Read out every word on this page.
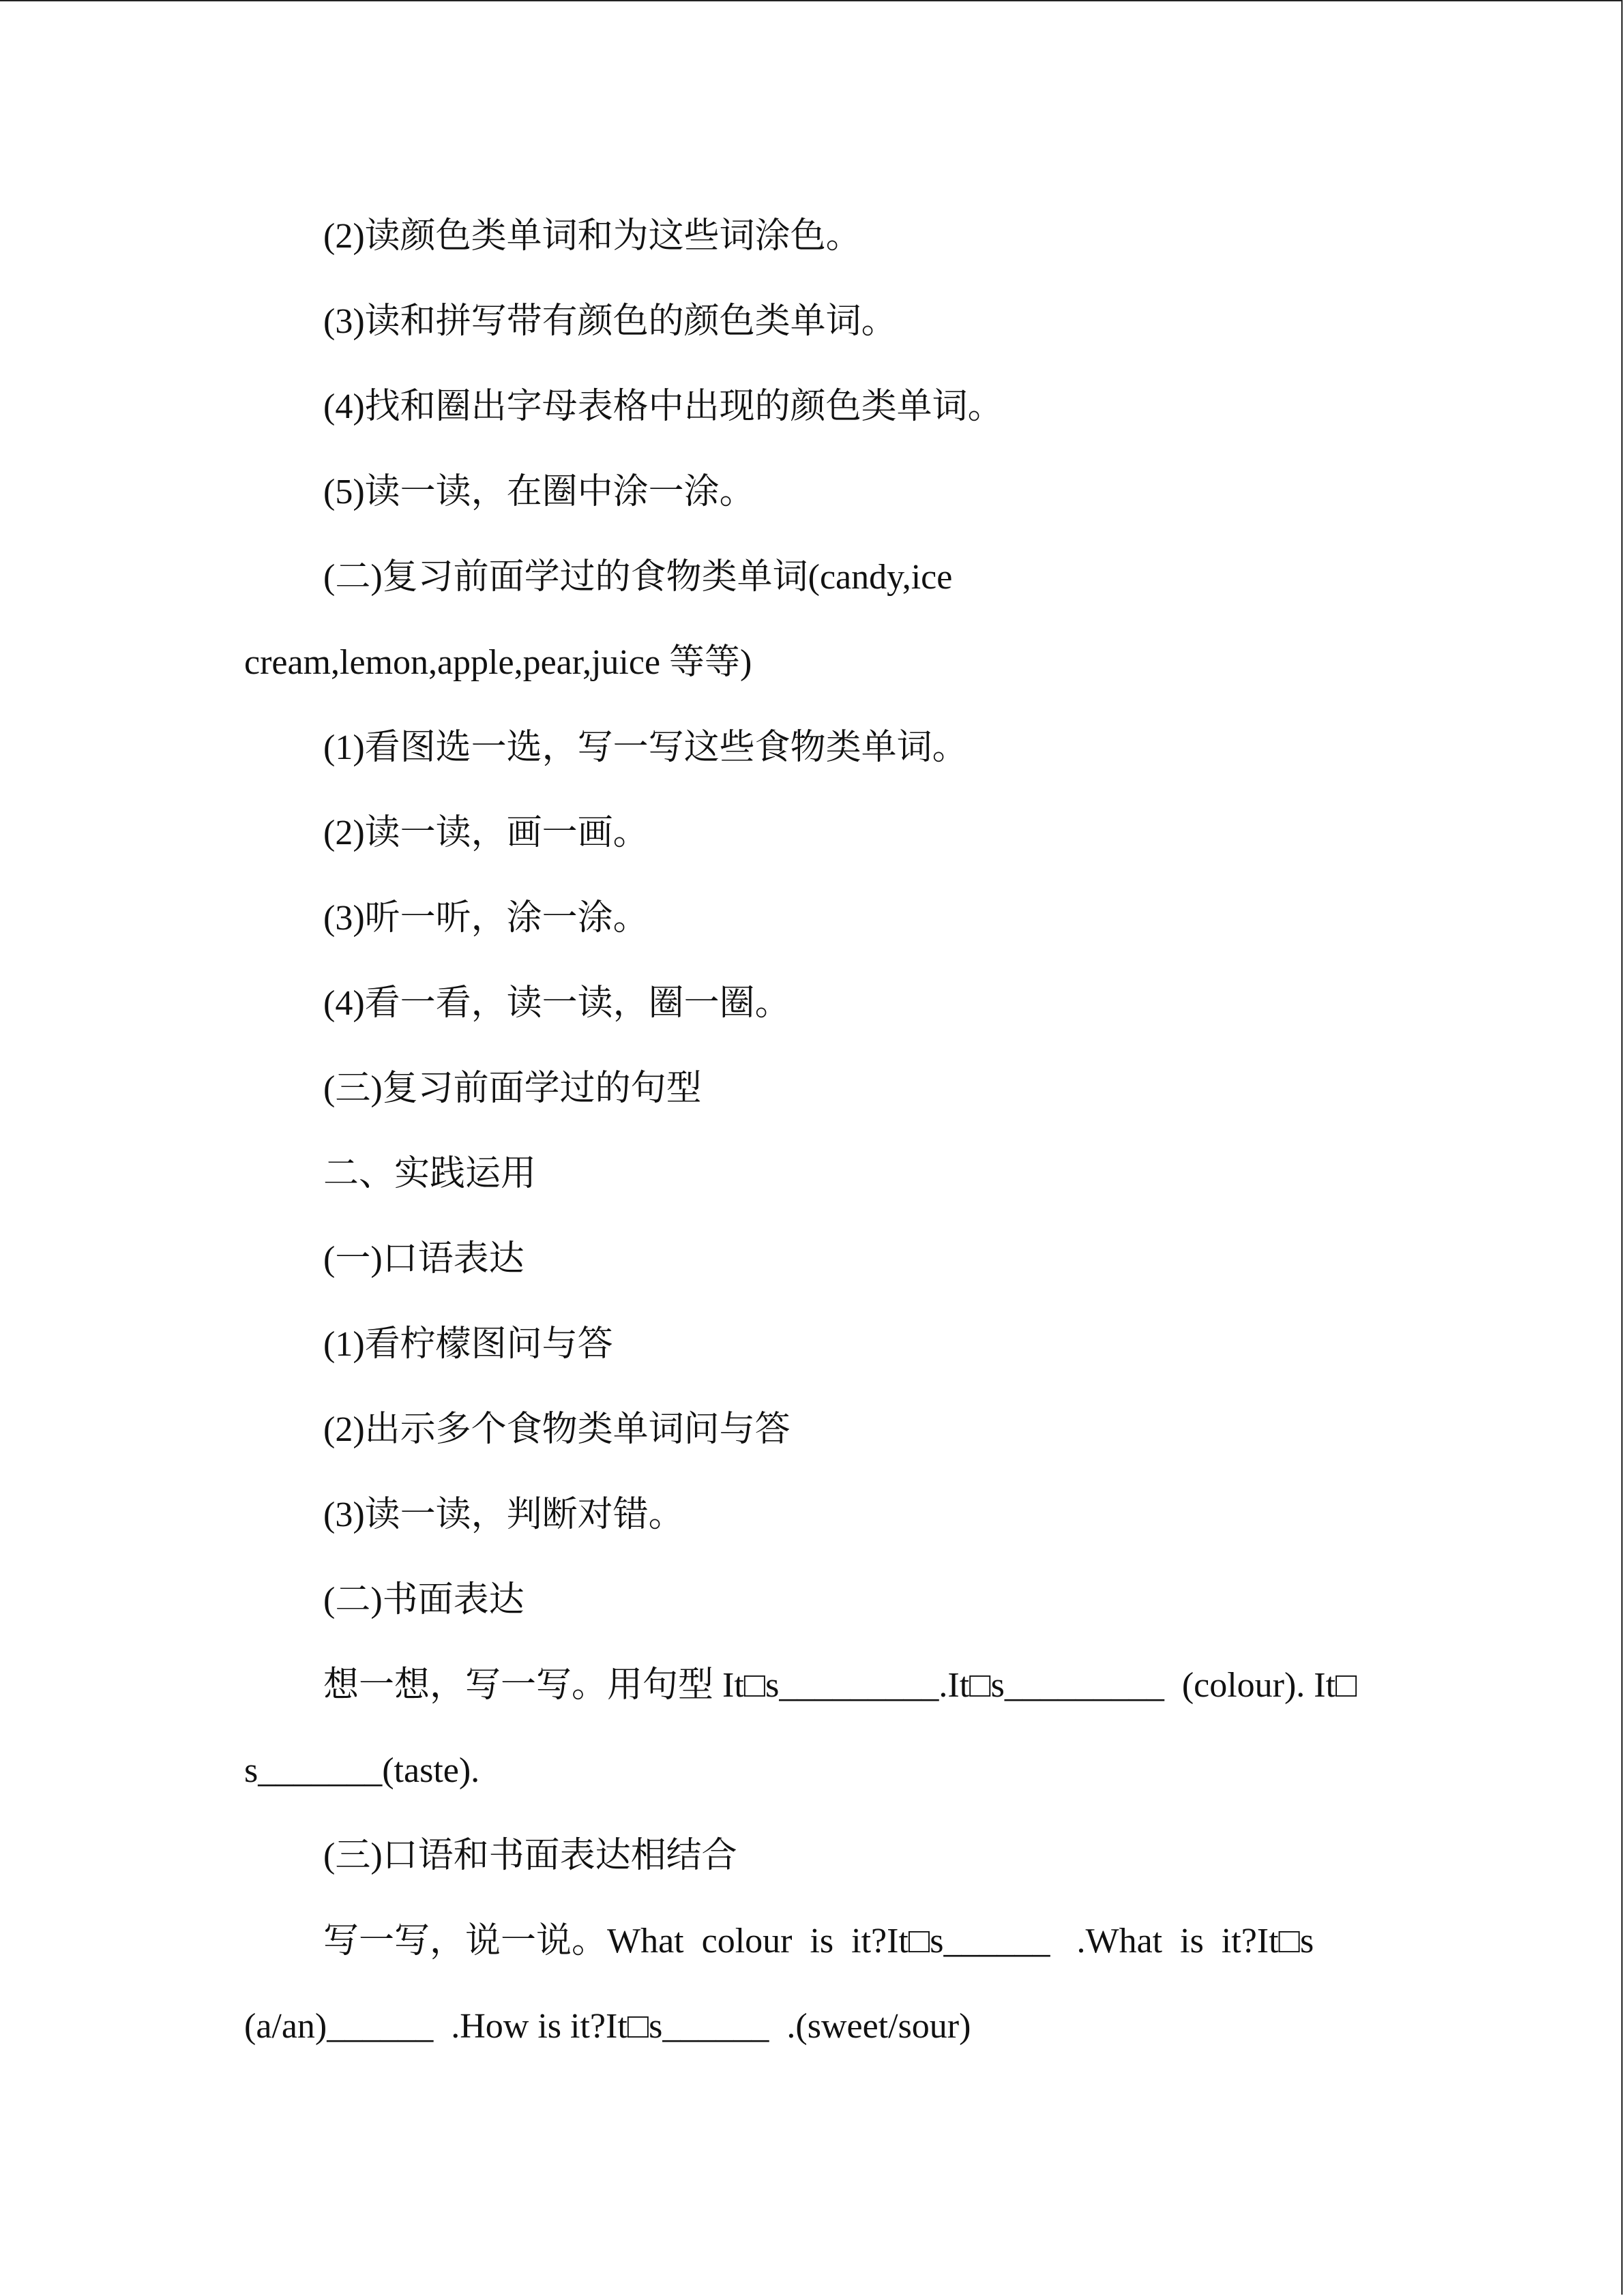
(2)读颜色类单词和为这些词涂色。
(3)读和拼写带有颜色的颜色类单词。
(4)找和圈出字母表格中出现的颜色类单词。
(5)读一读，在圈中涂一涂。
(二)复习前面学过的食物类单词(candy,ice
cream,lemon,apple,pear,juice 等等)
(1)看图选一选，写一写这些食物类单词。
(2)读一读，画一画。
(3)听一听，涂一涂。
(4)看一看，读一读，圈一圈。
(三)复习前面学过的句型
二、实践运用
(一)口语表达
(1)看柠檬图问与答
(2)出示多个食物类单词问与答
(3)读一读，判断对错。
(二)书面表达
想一想，写一写。用句型 It□s_________.It□s_________  (colour). It□
s_______(taste).
(三)口语和书面表达相结合
写一写，说一说。What  colour  is  it?It□s______   .What  is  it?It□s
(a/an)______  .How is it?It□s______  .(sweet/sour)
